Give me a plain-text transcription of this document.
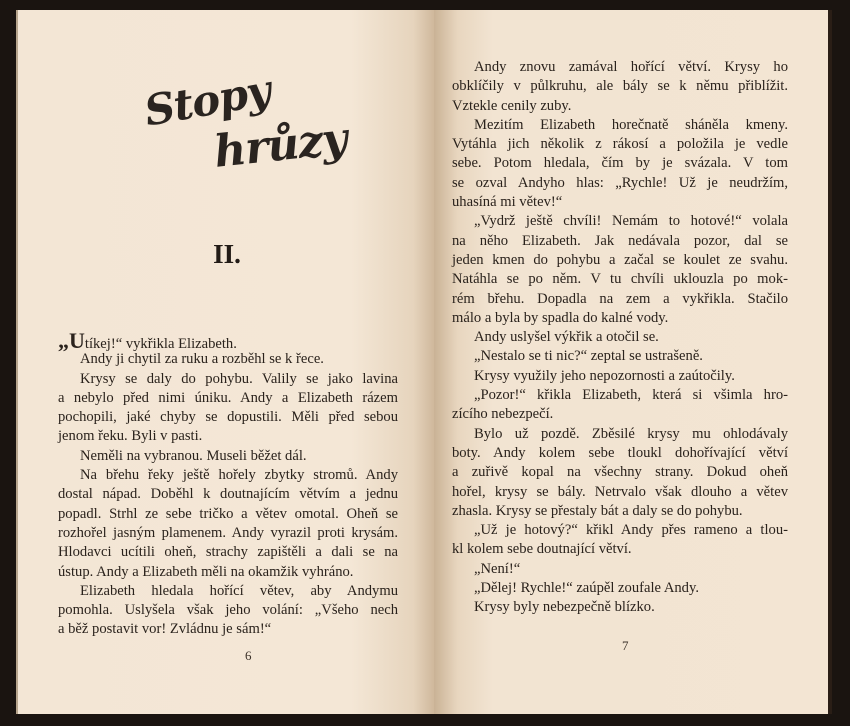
Stopy
hrůzy
II.
„Utíkej!“ vykřikla Elizabeth.
Andy ji chytil za ruku a rozběhl se k řece.
Krysy se daly do pohybu. Valily se jako lavina
a nebylo před nimi úniku. Andy a Elizabeth rázem
pochopili, jaké chyby se dopustili. Měli před sebou
jenom řeku. Byli v pasti.
Neměli na vybranou. Museli běžet dál.
Na břehu řeky ještě hořely zbytky stromů. Andy
dostal nápad. Doběhl k doutnajícím větvím a jednu
popadl. Strhl ze sebe tričko a větev omotal. Oheň se
rozhořel jasným plamenem. Andy vyrazil proti krysám.
Hlodavci ucítili oheň, strachy zapištěli a dali se na
ústup. Andy a Elizabeth měli na okamžik vyhráno.
Elizabeth hledala hořící větev, aby Andymu
pomohla. Uslyšela však jeho volání: „Všeho nech
a běž postavit vor! Zvládnu je sám!“
Andy znovu zamával hořící větví. Krysy ho
obklíčily v půlkruhu, ale bály se k němu přiblížit.
Vztekle cenily zuby.
Mezitím Elizabeth horečnatě sháněla kmeny.
Vytáhla jich několik z rákosí a položila je vedle
sebe. Potom hledala, čím by je svázala. V tom
se ozval Andyho hlas: „Rychle! Už je neudržím,
uhasíná mi větev!“
„Vydrž ještě chvíli! Nemám to hotové!“ volala
na něho Elizabeth. Jak nedávala pozor, dal se
jeden kmen do pohybu a začal se koulet ze svahu.
Natáhla se po něm. V tu chvíli uklouzla po mok-
rém břehu. Dopadla na zem a vykřikla. Stačilo
málo a byla by spadla do kalné vody.
Andy uslyšel výkřik a otočil se.
„Nestalo se ti nic?“ zeptal se ustrašeně.
Krysy využily jeho nepozornosti a zaútočily.
„Pozor!“ křikla Elizabeth, která si všimla hro-
zícího nebezpečí.
Bylo už pozdě. Zběsilé krysy mu ohlodávaly
boty. Andy kolem sebe tloukl dohořívající větví
a zuřivě kopal na všechny strany. Dokud oheň
hořel, krysy se bály. Netrvalo však dlouho a větev
zhasla. Krysy se přestaly bát a daly se do pohybu.
„Už je hotový?“ křikl Andy přes rameno a tlou-
kl kolem sebe doutnající větví.
„Není!“
„Dělej! Rychle!“ zaúpěl zoufale Andy.
Krysy byly nebezpečně blízko.
6
7
